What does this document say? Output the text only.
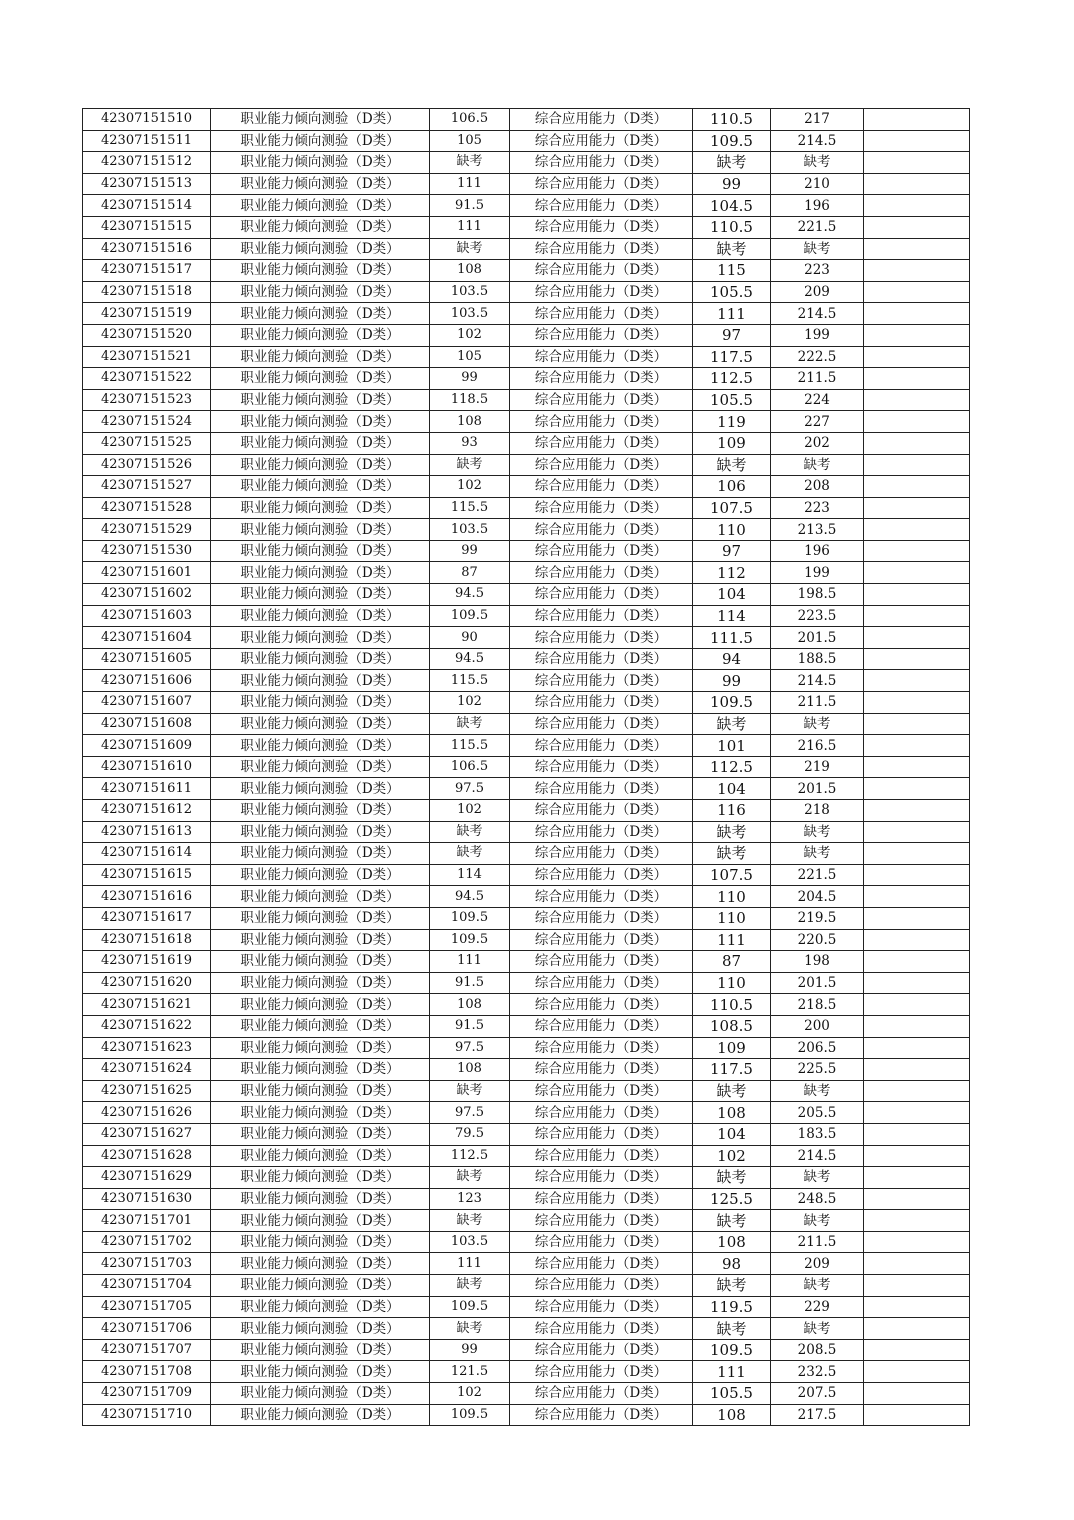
42307151510	职业能力倾向测验（D类）	106.5	综合应用能力（D类）	110.5	217	
42307151511	职业能力倾向测验（D类）	105	综合应用能力（D类）	109.5	214.5	
42307151512	职业能力倾向测验（D类）	缺考	综合应用能力（D类）	缺考	缺考	
42307151513	职业能力倾向测验（D类）	111	综合应用能力（D类）	99	210	
42307151514	职业能力倾向测验（D类）	91.5	综合应用能力（D类）	104.5	196	
42307151515	职业能力倾向测验（D类）	111	综合应用能力（D类）	110.5	221.5	
42307151516	职业能力倾向测验（D类）	缺考	综合应用能力（D类）	缺考	缺考	
42307151517	职业能力倾向测验（D类）	108	综合应用能力（D类）	115	223	
42307151518	职业能力倾向测验（D类）	103.5	综合应用能力（D类）	105.5	209	
42307151519	职业能力倾向测验（D类）	103.5	综合应用能力（D类）	111	214.5	
42307151520	职业能力倾向测验（D类）	102	综合应用能力（D类）	97	199	
42307151521	职业能力倾向测验（D类）	105	综合应用能力（D类）	117.5	222.5	
42307151522	职业能力倾向测验（D类）	99	综合应用能力（D类）	112.5	211.5	
42307151523	职业能力倾向测验（D类）	118.5	综合应用能力（D类）	105.5	224	
42307151524	职业能力倾向测验（D类）	108	综合应用能力（D类）	119	227	
42307151525	职业能力倾向测验（D类）	93	综合应用能力（D类）	109	202	
42307151526	职业能力倾向测验（D类）	缺考	综合应用能力（D类）	缺考	缺考	
42307151527	职业能力倾向测验（D类）	102	综合应用能力（D类）	106	208	
42307151528	职业能力倾向测验（D类）	115.5	综合应用能力（D类）	107.5	223	
42307151529	职业能力倾向测验（D类）	103.5	综合应用能力（D类）	110	213.5	
42307151530	职业能力倾向测验（D类）	99	综合应用能力（D类）	97	196	
42307151601	职业能力倾向测验（D类）	87	综合应用能力（D类）	112	199	
42307151602	职业能力倾向测验（D类）	94.5	综合应用能力（D类）	104	198.5	
42307151603	职业能力倾向测验（D类）	109.5	综合应用能力（D类）	114	223.5	
42307151604	职业能力倾向测验（D类）	90	综合应用能力（D类）	111.5	201.5	
42307151605	职业能力倾向测验（D类）	94.5	综合应用能力（D类）	94	188.5	
42307151606	职业能力倾向测验（D类）	115.5	综合应用能力（D类）	99	214.5	
42307151607	职业能力倾向测验（D类）	102	综合应用能力（D类）	109.5	211.5	
42307151608	职业能力倾向测验（D类）	缺考	综合应用能力（D类）	缺考	缺考	
42307151609	职业能力倾向测验（D类）	115.5	综合应用能力（D类）	101	216.5	
42307151610	职业能力倾向测验（D类）	106.5	综合应用能力（D类）	112.5	219	
42307151611	职业能力倾向测验（D类）	97.5	综合应用能力（D类）	104	201.5	
42307151612	职业能力倾向测验（D类）	102	综合应用能力（D类）	116	218	
42307151613	职业能力倾向测验（D类）	缺考	综合应用能力（D类）	缺考	缺考	
42307151614	职业能力倾向测验（D类）	缺考	综合应用能力（D类）	缺考	缺考	
42307151615	职业能力倾向测验（D类）	114	综合应用能力（D类）	107.5	221.5	
42307151616	职业能力倾向测验（D类）	94.5	综合应用能力（D类）	110	204.5	
42307151617	职业能力倾向测验（D类）	109.5	综合应用能力（D类）	110	219.5	
42307151618	职业能力倾向测验（D类）	109.5	综合应用能力（D类）	111	220.5	
42307151619	职业能力倾向测验（D类）	111	综合应用能力（D类）	87	198	
42307151620	职业能力倾向测验（D类）	91.5	综合应用能力（D类）	110	201.5	
42307151621	职业能力倾向测验（D类）	108	综合应用能力（D类）	110.5	218.5	
42307151622	职业能力倾向测验（D类）	91.5	综合应用能力（D类）	108.5	200	
42307151623	职业能力倾向测验（D类）	97.5	综合应用能力（D类）	109	206.5	
42307151624	职业能力倾向测验（D类）	108	综合应用能力（D类）	117.5	225.5	
42307151625	职业能力倾向测验（D类）	缺考	综合应用能力（D类）	缺考	缺考	
42307151626	职业能力倾向测验（D类）	97.5	综合应用能力（D类）	108	205.5	
42307151627	职业能力倾向测验（D类）	79.5	综合应用能力（D类）	104	183.5	
42307151628	职业能力倾向测验（D类）	112.5	综合应用能力（D类）	102	214.5	
42307151629	职业能力倾向测验（D类）	缺考	综合应用能力（D类）	缺考	缺考	
42307151630	职业能力倾向测验（D类）	123	综合应用能力（D类）	125.5	248.5	
42307151701	职业能力倾向测验（D类）	缺考	综合应用能力（D类）	缺考	缺考	
42307151702	职业能力倾向测验（D类）	103.5	综合应用能力（D类）	108	211.5	
42307151703	职业能力倾向测验（D类）	111	综合应用能力（D类）	98	209	
42307151704	职业能力倾向测验（D类）	缺考	综合应用能力（D类）	缺考	缺考	
42307151705	职业能力倾向测验（D类）	109.5	综合应用能力（D类）	119.5	229	
42307151706	职业能力倾向测验（D类）	缺考	综合应用能力（D类）	缺考	缺考	
42307151707	职业能力倾向测验（D类）	99	综合应用能力（D类）	109.5	208.5	
42307151708	职业能力倾向测验（D类）	121.5	综合应用能力（D类）	111	232.5	
42307151709	职业能力倾向测验（D类）	102	综合应用能力（D类）	105.5	207.5	
42307151710	职业能力倾向测验（D类）	109.5	综合应用能力（D类）	108	217.5	
